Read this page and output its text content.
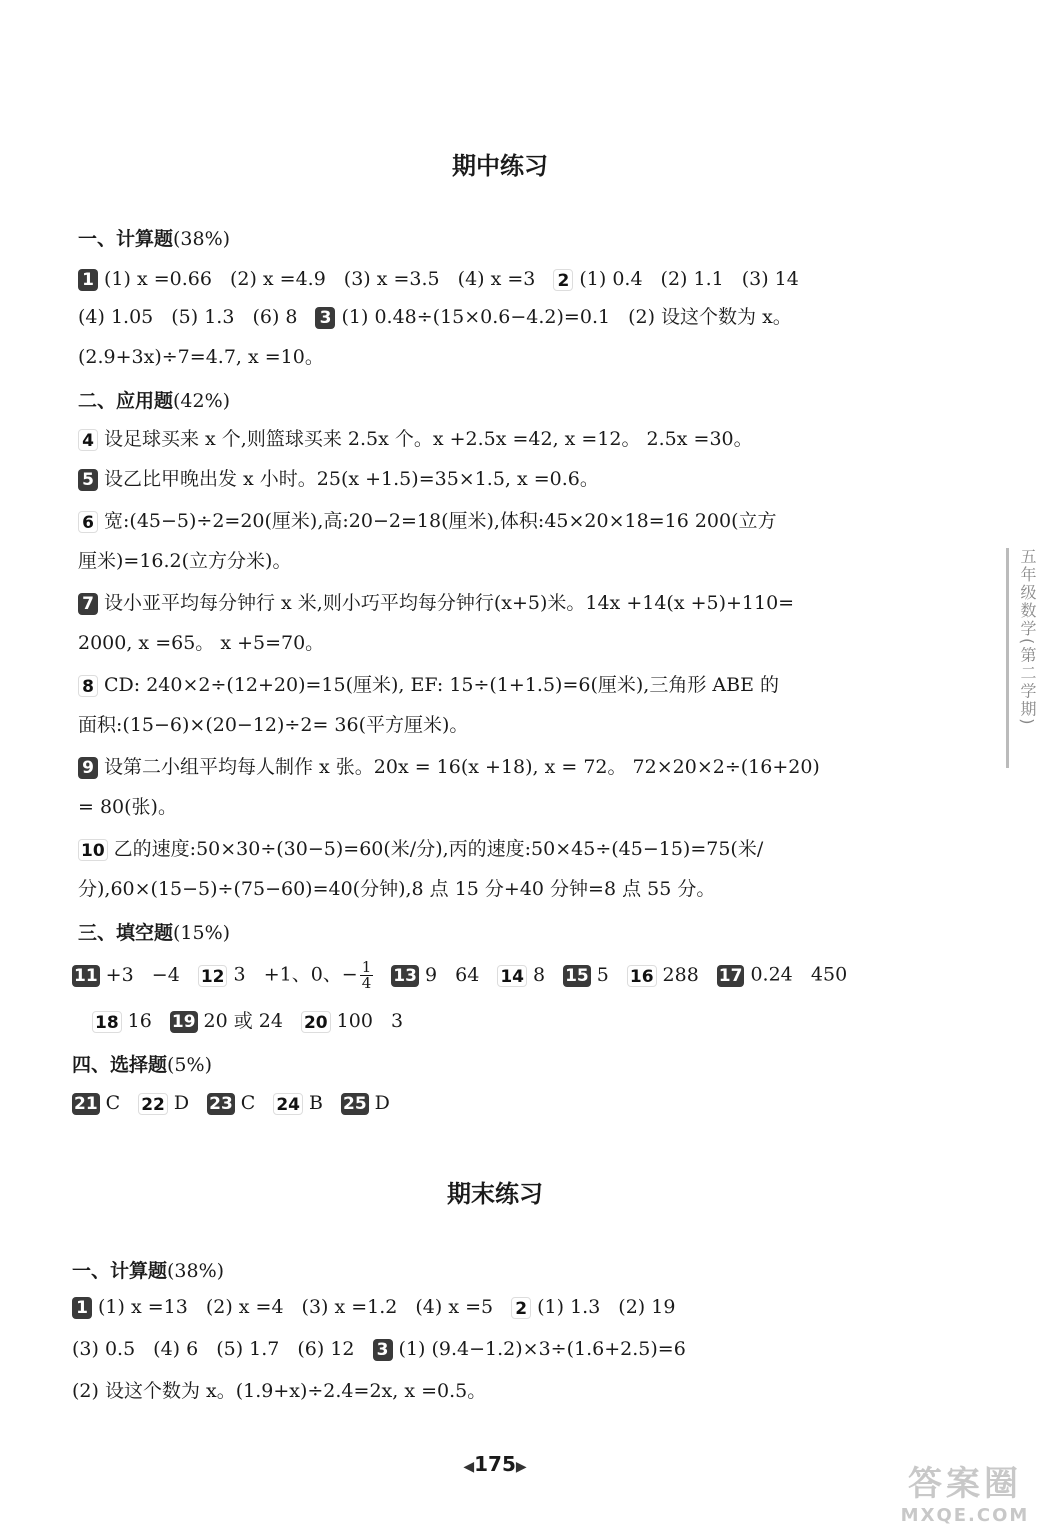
期中练习
一、计算题(38%)
1 (1) x =0.66 (2) x =4.9 (3) x =3.5 (4) x =3 2 (1) 0.4 (2) 1.1 (3) 14
(4) 1.05 (5) 1.3 (6) 8 3 (1) 0.48÷(15×0.6−4.2)=0.1 (2) 设这个数为 x。
(2.9+3x)÷7=4.7, x =10。
二、应用题(42%)
4 设足球买来 x 个,则篮球买来 2.5x 个。x +2.5x =42, x =12。 2.5x =30。
5 设乙比甲晚出发 x 小时。25(x +1.5)=35×1.5, x =0.6。
6 宽:(45−5)÷2=20(厘米),高:20−2=18(厘米),体积:45×20×18=16 200(立方
厘米)=16.2(立方分米)。
7 设小亚平均每分钟行 x 米,则小巧平均每分钟行(x+5)米。14x +14(x +5)+110=
2000, x =65。 x +5=70。
8 CD: 240×2÷(12+20)=15(厘米), EF: 15÷(1+1.5)=6(厘米),三角形 ABE 的
面积:(15−6)×(20−12)÷2= 36(平方厘米)。
9 设第二小组平均每人制作 x 张。20x = 16(x +18), x = 72。 72×20×2÷(16+20)
= 80(张)。
10 乙的速度:50×30÷(30−5)=60(米/分),丙的速度:50×45÷(45−15)=75(米/
分),60×(15−5)÷(75−60)=40(分钟),8 点 15 分+40 分钟=8 点 55 分。
三、填空题(15%)
11 +3   −4 12 3   +1、0、− $\frac{1}{4} 13$ 9   64 14 8 15 5 16 288 17 0.24   450
18 16 19 20 或 24 20 100   3
四、选择题(5%)
21 C 22 D 23 C 24 B 25 D
期末练习
一、计算题(38%)
1 (1) x =13 (2) x =4 (3) x =1.2 (4) x =5 2 (1) 1.3 (2) 19
(3) 0.5 (4) 6 (5) 1.7 (6) 12 3 (1) (9.4−1.2)×3÷(1.6+2.5)=6
(2) 设这个数为 x。(1.9+x)÷2.4=2x, x =0.5。
五年级数学(第二学期)
◀175▶	答案圈
MXQE.COM
